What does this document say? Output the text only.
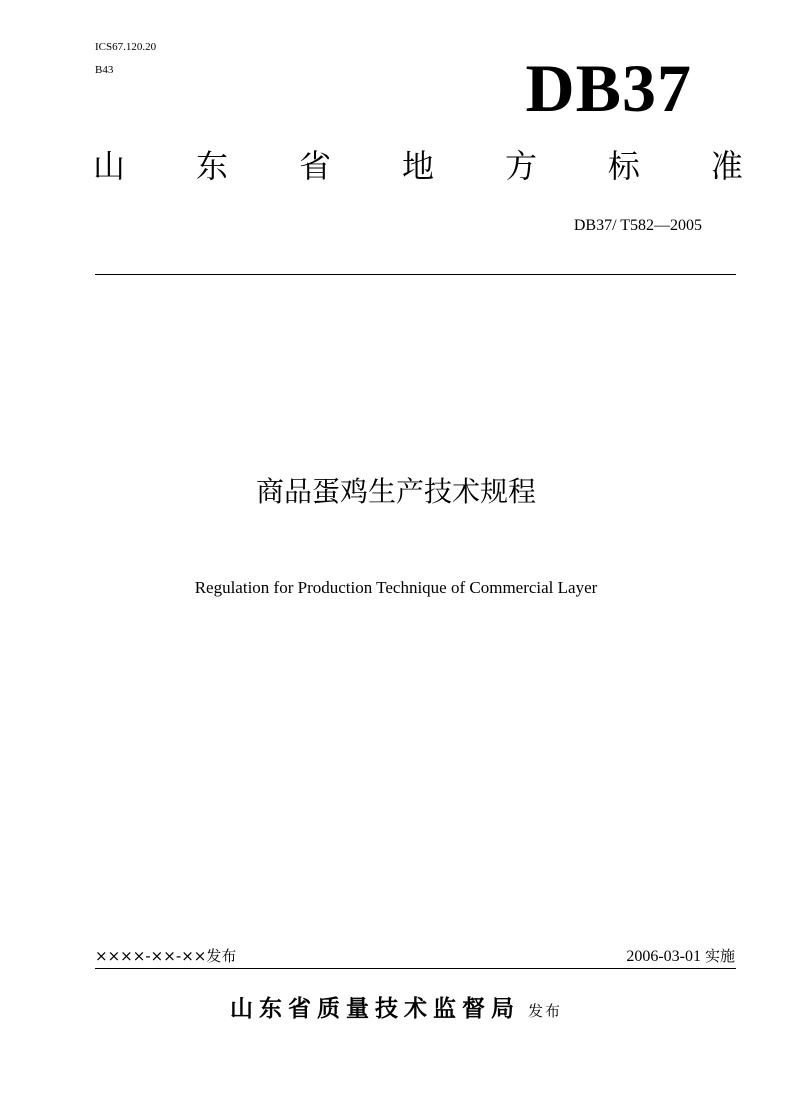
ICS67.120.20
B43	DB37
山 东 省 地 方 标 准
DB37/ T582—2005
商品蛋鸡生产技术规程
Regulation for Production Technique of Commercial Layer
××××-××-××发布	2006-03-01 实施
山东省质量技术监督局 发布
